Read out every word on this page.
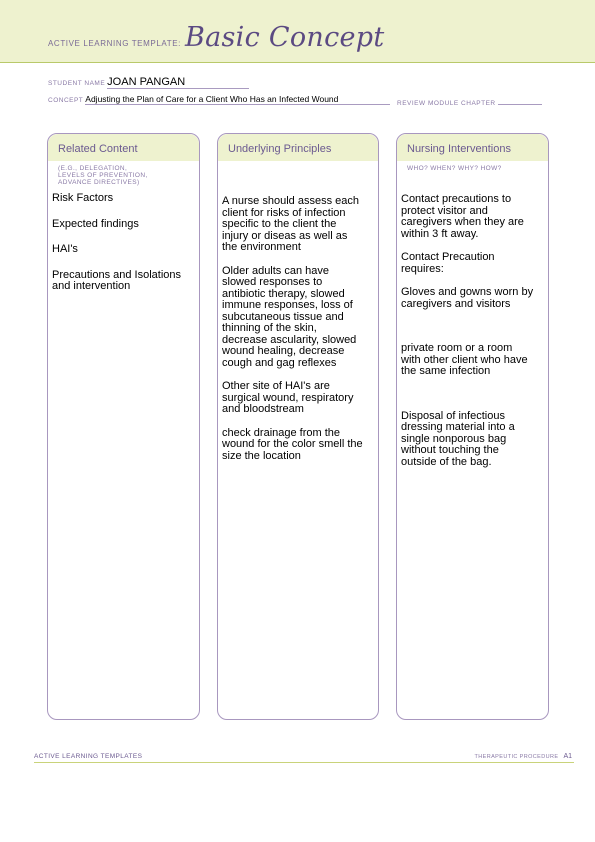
ACTIVE LEARNING TEMPLATE: Basic Concept
STUDENT NAME JOAN PANGAN
CONCEPT Adjusting the Plan of Care for a Client Who Has an Infected Wound	REVIEW MODULE CHAPTER
Related Content
(E.G., DELEGATION,
LEVELS OF PREVENTION,
ADVANCE DIRECTIVES)

Risk Factors

Expected findings

HAI's

Precautions and Isolations
and intervention

Underlying Principles

A nurse should assess each
client for risks of infection
specific to the client the
injury or diseas as well as
the environment

Older adults can have
slowed responses to
antibiotic therapy, slowed
immune responses, loss of
subcutaneous tissue and
thinning of the skin,
decrease ascularity, slowed
wound healing, decrease
cough and gag reflexes

Other site of HAI's are
surgical wound, respiratory
and bloodstream

check drainage from the
wound for the color smell the
size the location

Nursing Interventions
WHO? WHEN? WHY? HOW?

Contact precautions to
protect visitor and
caregivers when they are
within 3 ft away.

Contact Precaution
requires:

Gloves and gowns worn by
caregivers and visitors

private room or a room
with other client who have
the same infection

Disposal of infectious
dressing material into a
single nonporous bag
without touching the
outside of the bag.

ACTIVE LEARNING TEMPLATES	THERAPEUTIC PROCEDURE A1
